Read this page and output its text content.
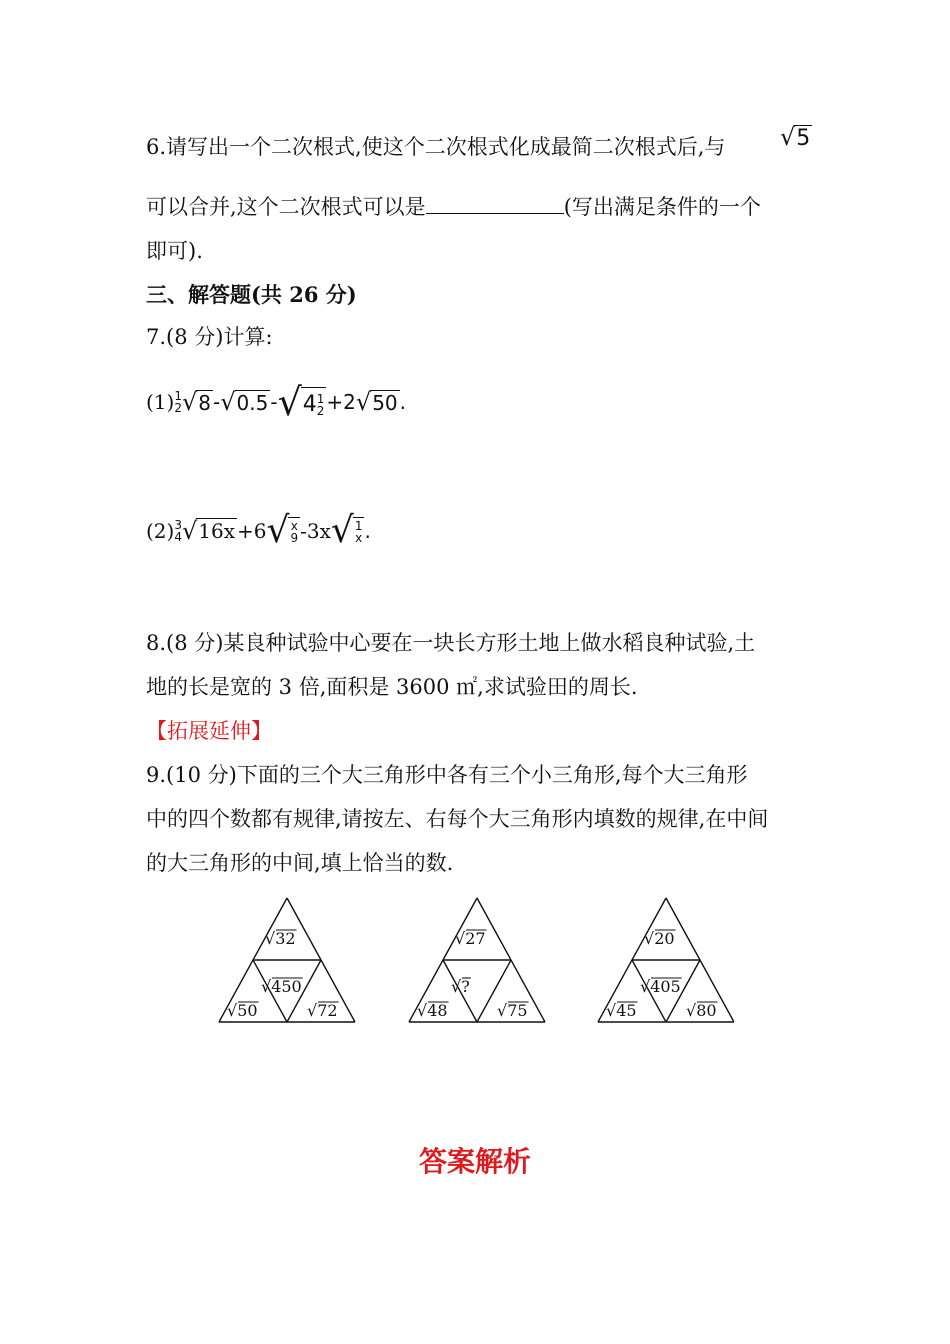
6.请写出一个二次根式,使这个二次根式化成最简二次根式后,与 √5
可以合并,这个二次根式可以是	(写出满足条件的一个
即可).
三、解答题(共 26 分)
7.(8 分)计算:
(1) 1
2 √ 8 - √ 0.5 - √ 4 1
2 +2 √ 50 .
(2) 3
4 √ 16x +6 √ x
9 -3x √ 1
x .
8.(8 分)某良种试验中心要在一块长方形土地上做水稻良种试验,土
地的长是宽的 3 倍,面积是 3600 ㎡,求试验田的周长.
【拓展延伸】
9.(10 分)下面的三个大三角形中各有三个小三角形,每个大三角形
中的四个数都有规律,请按左、右每个大三角形内填数的规律,在中间
的大三角形的中间,填上恰当的数.
√32
√450
√50	√72
√27
√?
√48	√75
√20
√405
√45	√80
答案解析
